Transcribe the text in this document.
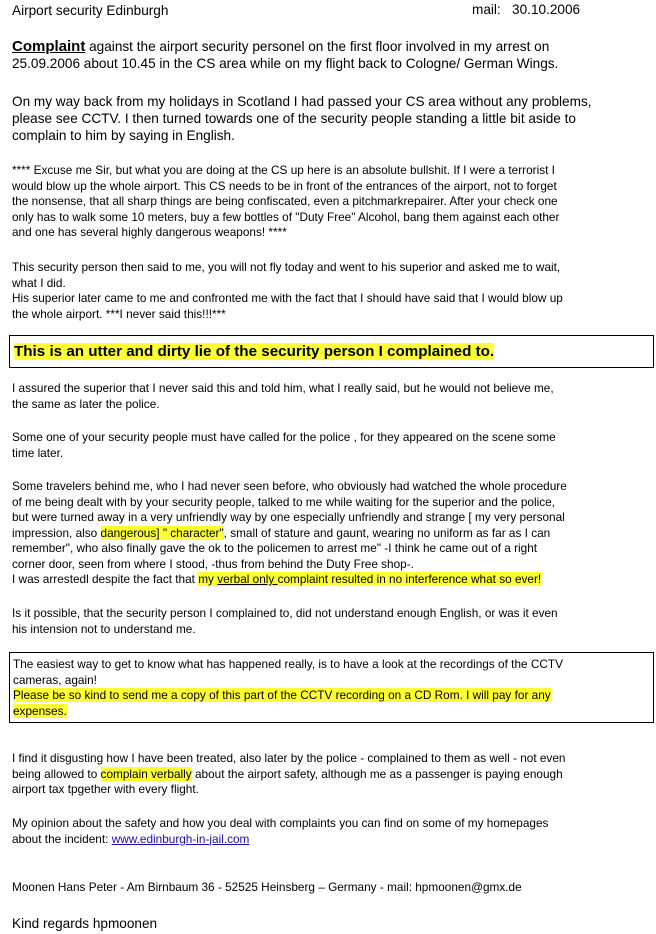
Airport security Edinburgh	mail: 30.10.2006
Complaint against the airport security personel on the first floor involved in my arrest on
25.09.2006 about 10.45 in the CS area while on my flight back to Cologne/ German Wings.
On my way back from my holidays in Scotland I had passed your CS area without any problems,
please see CCTV. I then turned towards one of the security people standing a little bit aside to
complain to him by saying in English.
**** Excuse me Sir, but what you are doing at the CS up here is an absolute bullshit. If I were a terrorist I
would blow up the whole airport. This CS needs to be in front of the entrances of the airport, not to forget
the nonsense, that all sharp things are being confiscated, even a pitchmarkrepairer. After your check one
only has to walk some 10 meters, buy a few bottles of "Duty Free" Alcohol, bang them against each other
and one has several highly dangerous weapons! ****
This security person then said to me, you will not fly today and went to his superior and asked me to wait,
what I did.
His superior later came to me and confronted me with the fact that I should have said that I would blow up
the whole airport. ***I never said this!!!***
This is an utter and dirty lie of the security person I complained to.
I assured the superior that I never said this and told him, what I really said, but he would not believe me,
the same as later the police.
Some one of your security people must have called for the police , for they appeared on the scene some
time later.
Some travelers behind me, who I had never seen before, who obviously had watched the whole procedure
of me being dealt with by your security people, talked to me while waiting for the superior and the police,
but were turned away in a very unfriendly way by one especially unfriendly and strange [ my very personal
impression, also dangerous] " character", small of stature and gaunt, wearing no uniform as far as I can
remember", who also finally gave the ok to the policemen to arrest me" -I think he came out of a right
corner door, seen from where I stood, -thus from behind the Duty Free shop-.
I was arrestedl despite the fact that my verbal only complaint resulted in no interference what so ever!
Is it possible, that the security person I complained to, did not understand enough English, or was it even
his intension not to understand me.
The easiest way to get to know what has happened really, is to have a look at the recordings of the CCTV
cameras, again!
Please be so kind to send me a copy of this part of the CCTV recording on a CD Rom. I will pay for any
expenses.
I find it disgusting how I have been treated, also later by the police - complained to them as well - not even
being allowed to complain verbally about the airport safety, although me as a passenger is paying enough
airport tax tpgether with every flight.
My opinion about the safety and how you deal with complaints you can find on some of my homepages
about the incident: www.edinburgh-in-jail.com
Moonen Hans Peter - Am Birnbaum 36 - 52525 Heinsberg – Germany - mail: hpmoonen@gmx.de
Kind regards hpmoonen
